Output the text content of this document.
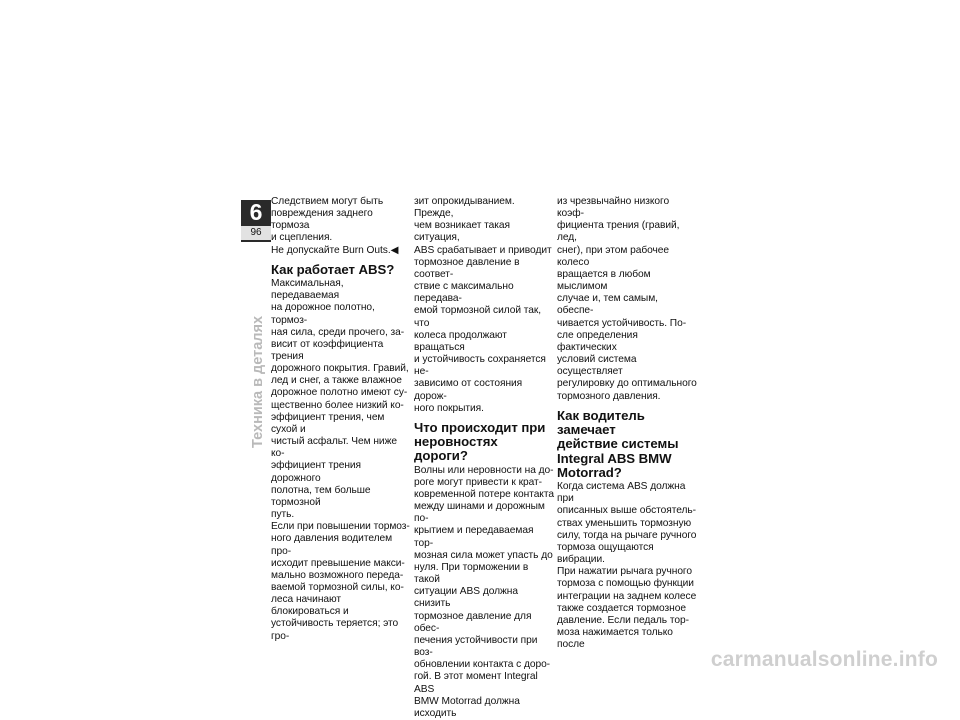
6
96
Техника в деталях

Следствием могут быть
повреждения заднего тормоза
и сцепления.

Не допускайте Burn Outs.◀

Как работает ABS?

Максимальная, передаваемая
на дорожное полотно, тормоз-
ная сила, среди прочего, за-
висит от коэффициента трения
дорожного покрытия. Гравий,
лед и снег, а также влажное
дорожное полотно имеют су-
щественно более низкий ко-
эффициент трения, чем сухой и
чистый асфальт. Чем ниже ко-
эффициент трения дорожного
полотна, тем больше тормозной
путь.

Если при повышении тормоз-
ного давления водителем про-
исходит превышение макси-
мально возможного переда-
ваемой тормозной силы, ко-
леса начинают блокироваться и
устойчивость теряется; это гро-

зит опрокидыванием. Прежде,
чем возникает такая ситуация,
ABS срабатывает и приводит
тормозное давление в соответ-
ствие с максимально передава-
емой тормозной силой так, что
колеса продолжают вращаться
и устойчивость сохраняется не-
зависимо от состояния дорож-
ного покрытия.

Что происходит при
неровностях дороги?

Волны или неровности на до-
роге могут привести к крат-
ковременной потере контакта
между шинами и дорожным по-
крытием и передаваемая тор-
мозная сила может упасть до
нуля. При торможении в такой
ситуации ABS должна снизить
тормозное давление для обес-
печения устойчивости при воз-
обновлении контакта с доро-
гой. В этот момент Integral ABS
BMW Motorrad должна исходить

из чрезвычайно низкого коэф-
фициента трения (гравий, лед,
снег), при этом рабочее колесо
вращается в любом мыслимом
случае и, тем самым, обеспе-
чивается устойчивость. По-
сле определения фактических
условий система осуществляет
регулировку до оптимального
тормозного давления.

Как водитель замечает
действие системы
Integral ABS BMW
Motorrad?

Когда система ABS должна при
описанных выше обстоятель-
ствах уменьшить тормозную
силу, тогда на рычаге ручного
тормоза ощущаются вибрации.
При нажатии рычага ручного
тормоза с помощью функции
интеграции на заднем колесе
также создается тормозное
давление. Если педаль тор-
моза нажимается только после

carmanualsonline.info
